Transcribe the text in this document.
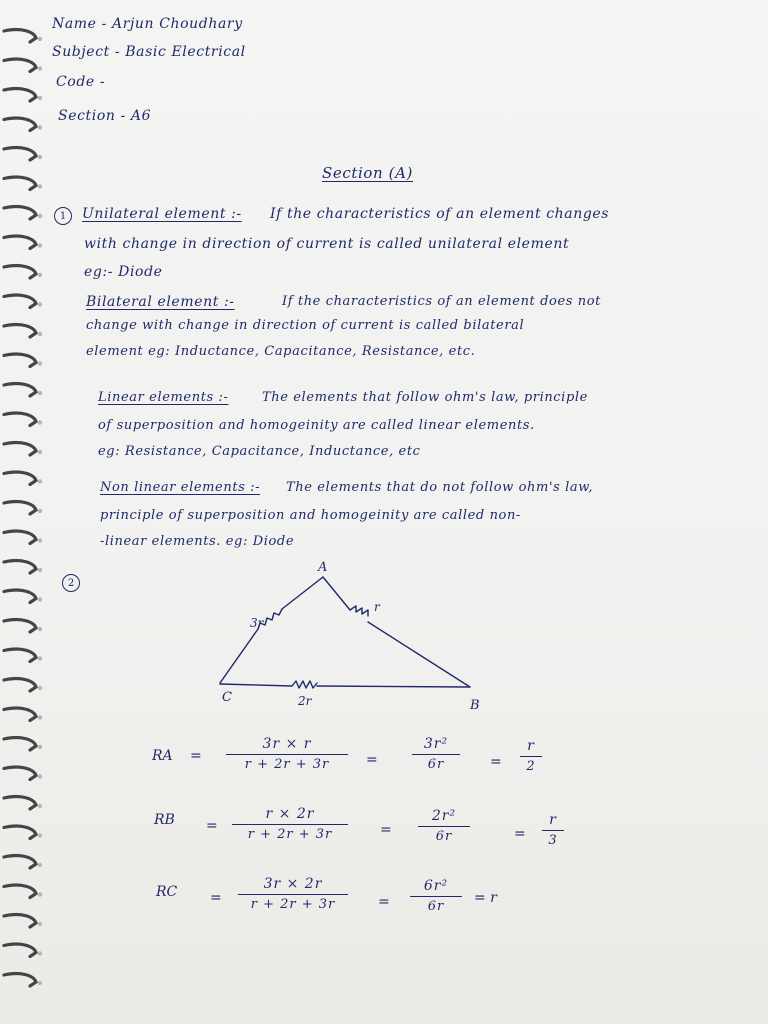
Name - Arjun Choudhary
Subject - Basic Electrical
Code -
Section - A6
Section (A)
1	Unilateral element :- If the characteristics of an element changes
with change in direction of current is called unilateral element
eg:- Diode
Bilateral element :-	If the characteristics of an element does not
change with change in direction of current is called bilateral
element eg: Inductance, Capacitance, Resistance, etc.
Linear elements :-	The elements that follow ohm's law, principle
of superposition and homogeinity are called linear elements.
eg: Resistance, Capacitance, Inductance, etc
Non linear elements :- The elements that do not follow ohm's law,
principle of superposition and homogeinity are called non-
-linear elements. eg: Diode
2
A
B
C
3r
r
2r
RA =
3r × r
r + 2r + 3r	=
3r²
6r	=
r
2
RB =
r × 2r
r + 2r + 3r	=
2r²
6r	=
r
3
RC =
3r × 2r
r + 2r + 3r	=
6r²
6r
= r
